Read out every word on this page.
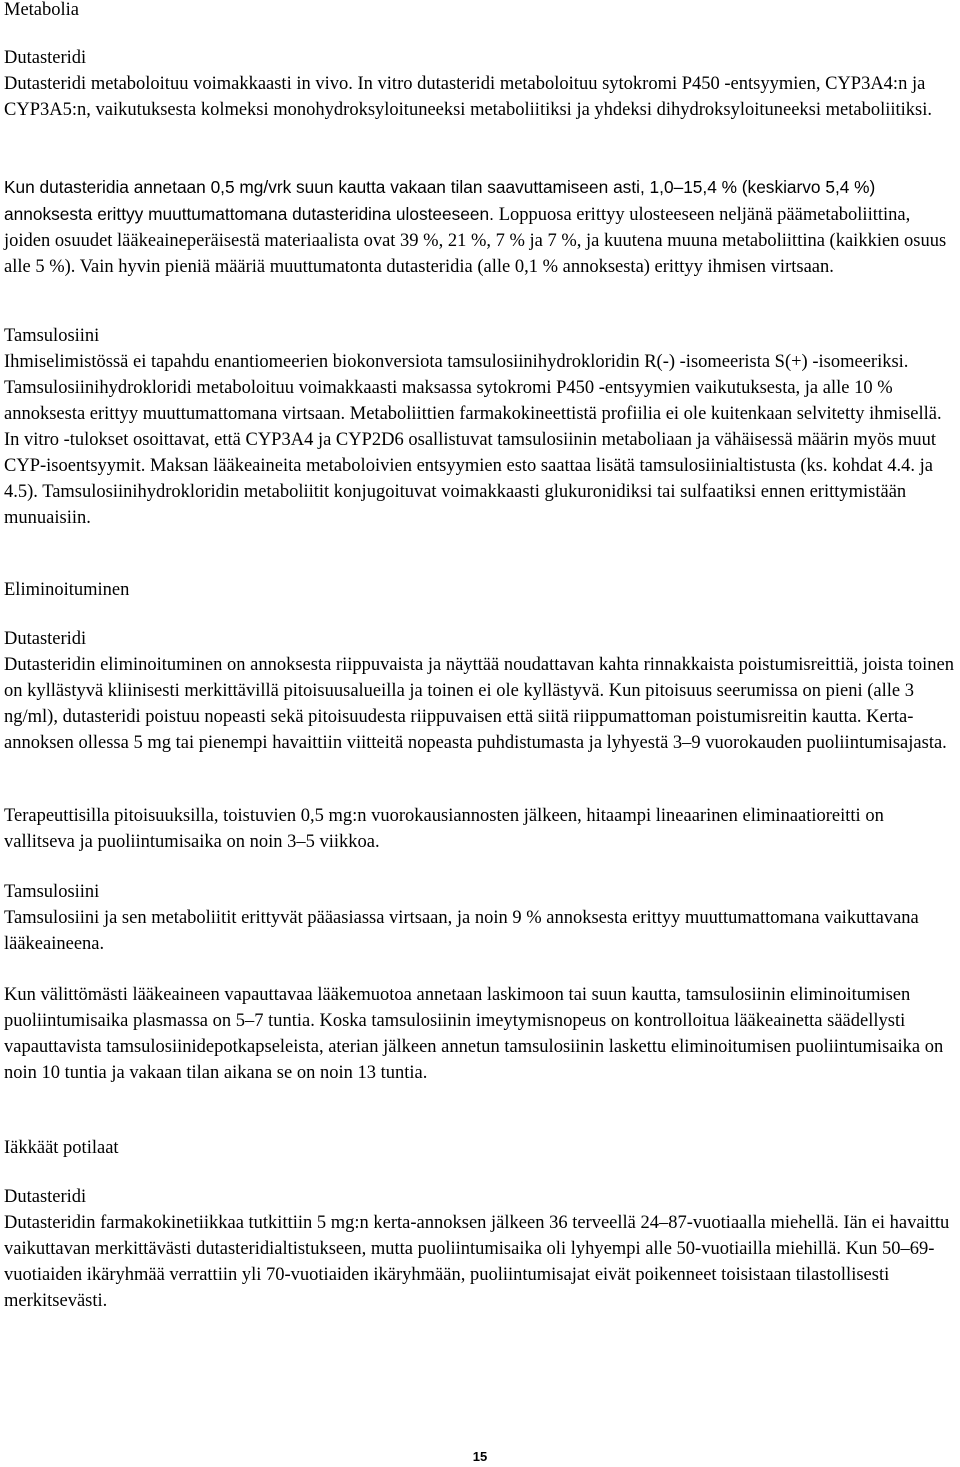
Metabolia

Dutasteridi

Dutasteridi metaboloituu voimakkaasti in vivo. In vitro dutasteridi metaboloituu sytokromi P450 -entsyymien, CYP3A4:n ja CYP3A5:n, vaikutuksesta kolmeksi monohydroksyloituneeksi metaboliitiksi ja yhdeksi dihydroksyloituneeksi metaboliitiksi.

Kun dutasteridia annetaan 0,5 mg/vrk suun kautta vakaan tilan saavuttamiseen asti, 1,0–15,4 % (keskiarvo 5,4 %) annoksesta erittyy muuttumattomana dutasteridina ulosteeseen. Loppuosa erittyy ulosteeseen neljänä päämetaboliittina, joiden osuudet lääkeaineperäisestä materiaalista ovat 39 %, 21 %, 7 % ja 7 %, ja kuutena muuna metaboliittina (kaikkien osuus alle 5 %). Vain hyvin pieniä määriä muuttumatonta dutasteridia (alle 0,1 % annoksesta) erittyy ihmisen virtsaan.

Tamsulosiini

Ihmiselimistössä ei tapahdu enantiomeerien biokonversiota tamsulosiinihydrokloridin R(-) -isomeerista S(+) -isomeeriksi. Tamsulosiinihydrokloridi metaboloituu voimakkaasti maksassa sytokromi P450 -entsyymien vaikutuksesta, ja alle 10 % annoksesta erittyy muuttumattomana virtsaan. Metaboliittien farmakokineettistä profiilia ei ole kuitenkaan selvitetty ihmisellä. In vitro -tulokset osoittavat, että CYP3A4 ja CYP2D6 osallistuvat tamsulosiinin metaboliaan ja vähäisessä määrin myös muut CYP-isoentsyymit. Maksan lääkeaineita metaboloivien entsyymien esto saattaa lisätä tamsulosiinialtistusta (ks. kohdat 4.4. ja 4.5). Tamsulosiinihydrokloridin metaboliitit konjugoituvat voimakkaasti glukuronidiksi tai sulfaatiksi ennen erittymistään munuaisiin.

Eliminoituminen

Dutasteridi

Dutasteridin eliminoituminen on annoksesta riippuvaista ja näyttää noudattavan kahta rinnakkaista poistumisreittiä, joista toinen on kyllästyvä kliinisesti merkittävillä pitoisuusalueilla ja toinen ei ole kyllästyvä. Kun pitoisuus seerumissa on pieni (alle 3 ng/ml), dutasteridi poistuu nopeasti sekä pitoisuudesta riippuvaisen että siitä riippumattoman poistumisreitin kautta. Kerta-annoksen ollessa 5 mg tai pienempi havaittiin viitteitä nopeasta puhdistumasta ja lyhyestä 3–9 vuorokauden puoliintumisajasta.

Terapeuttisilla pitoisuuksilla, toistuvien 0,5 mg:n vuorokausiannosten jälkeen, hitaampi lineaarinen eliminaatioreitti on vallitseva ja puoliintumisaika on noin 3–5 viikkoa.

Tamsulosiini

Tamsulosiini ja sen metaboliitit erittyvät pääasiassa virtsaan, ja noin 9 % annoksesta erittyy muuttumattomana vaikuttavana lääkeaineena.

Kun välittömästi lääkeaineen vapauttavaa lääkemuotoa annetaan laskimoon tai suun kautta, tamsulosiinin eliminoitumisen puoliintumisaika plasmassa on 5–7 tuntia. Koska tamsulosiinin imeytymisnopeus on kontrolloitua lääkeainetta säädellysti vapauttavista tamsulosiinidepotkapseleista, aterian jälkeen annetun tamsulosiinin laskettu eliminoitumisen puoliintumisaika on noin 10 tuntia ja vakaan tilan aikana se on noin 13 tuntia.

Iäkkäät potilaat

Dutasteridi

Dutasteridin farmakokinetiikkaa tutkittiin 5 mg:n kerta-annoksen jälkeen 36 terveellä 24–87-vuotiaalla miehellä. Iän ei havaittu vaikuttavan merkittävästi dutasteridialtistukseen, mutta puoliintumisaika oli lyhyempi alle 50-vuotiailla miehillä. Kun 50–69-vuotiaiden ikäryhmää verrattiin yli 70-vuotiaiden ikäryhmään, puoliintumisajat eivät poikenneet toisistaan tilastollisesti merkitsevästi.

15
